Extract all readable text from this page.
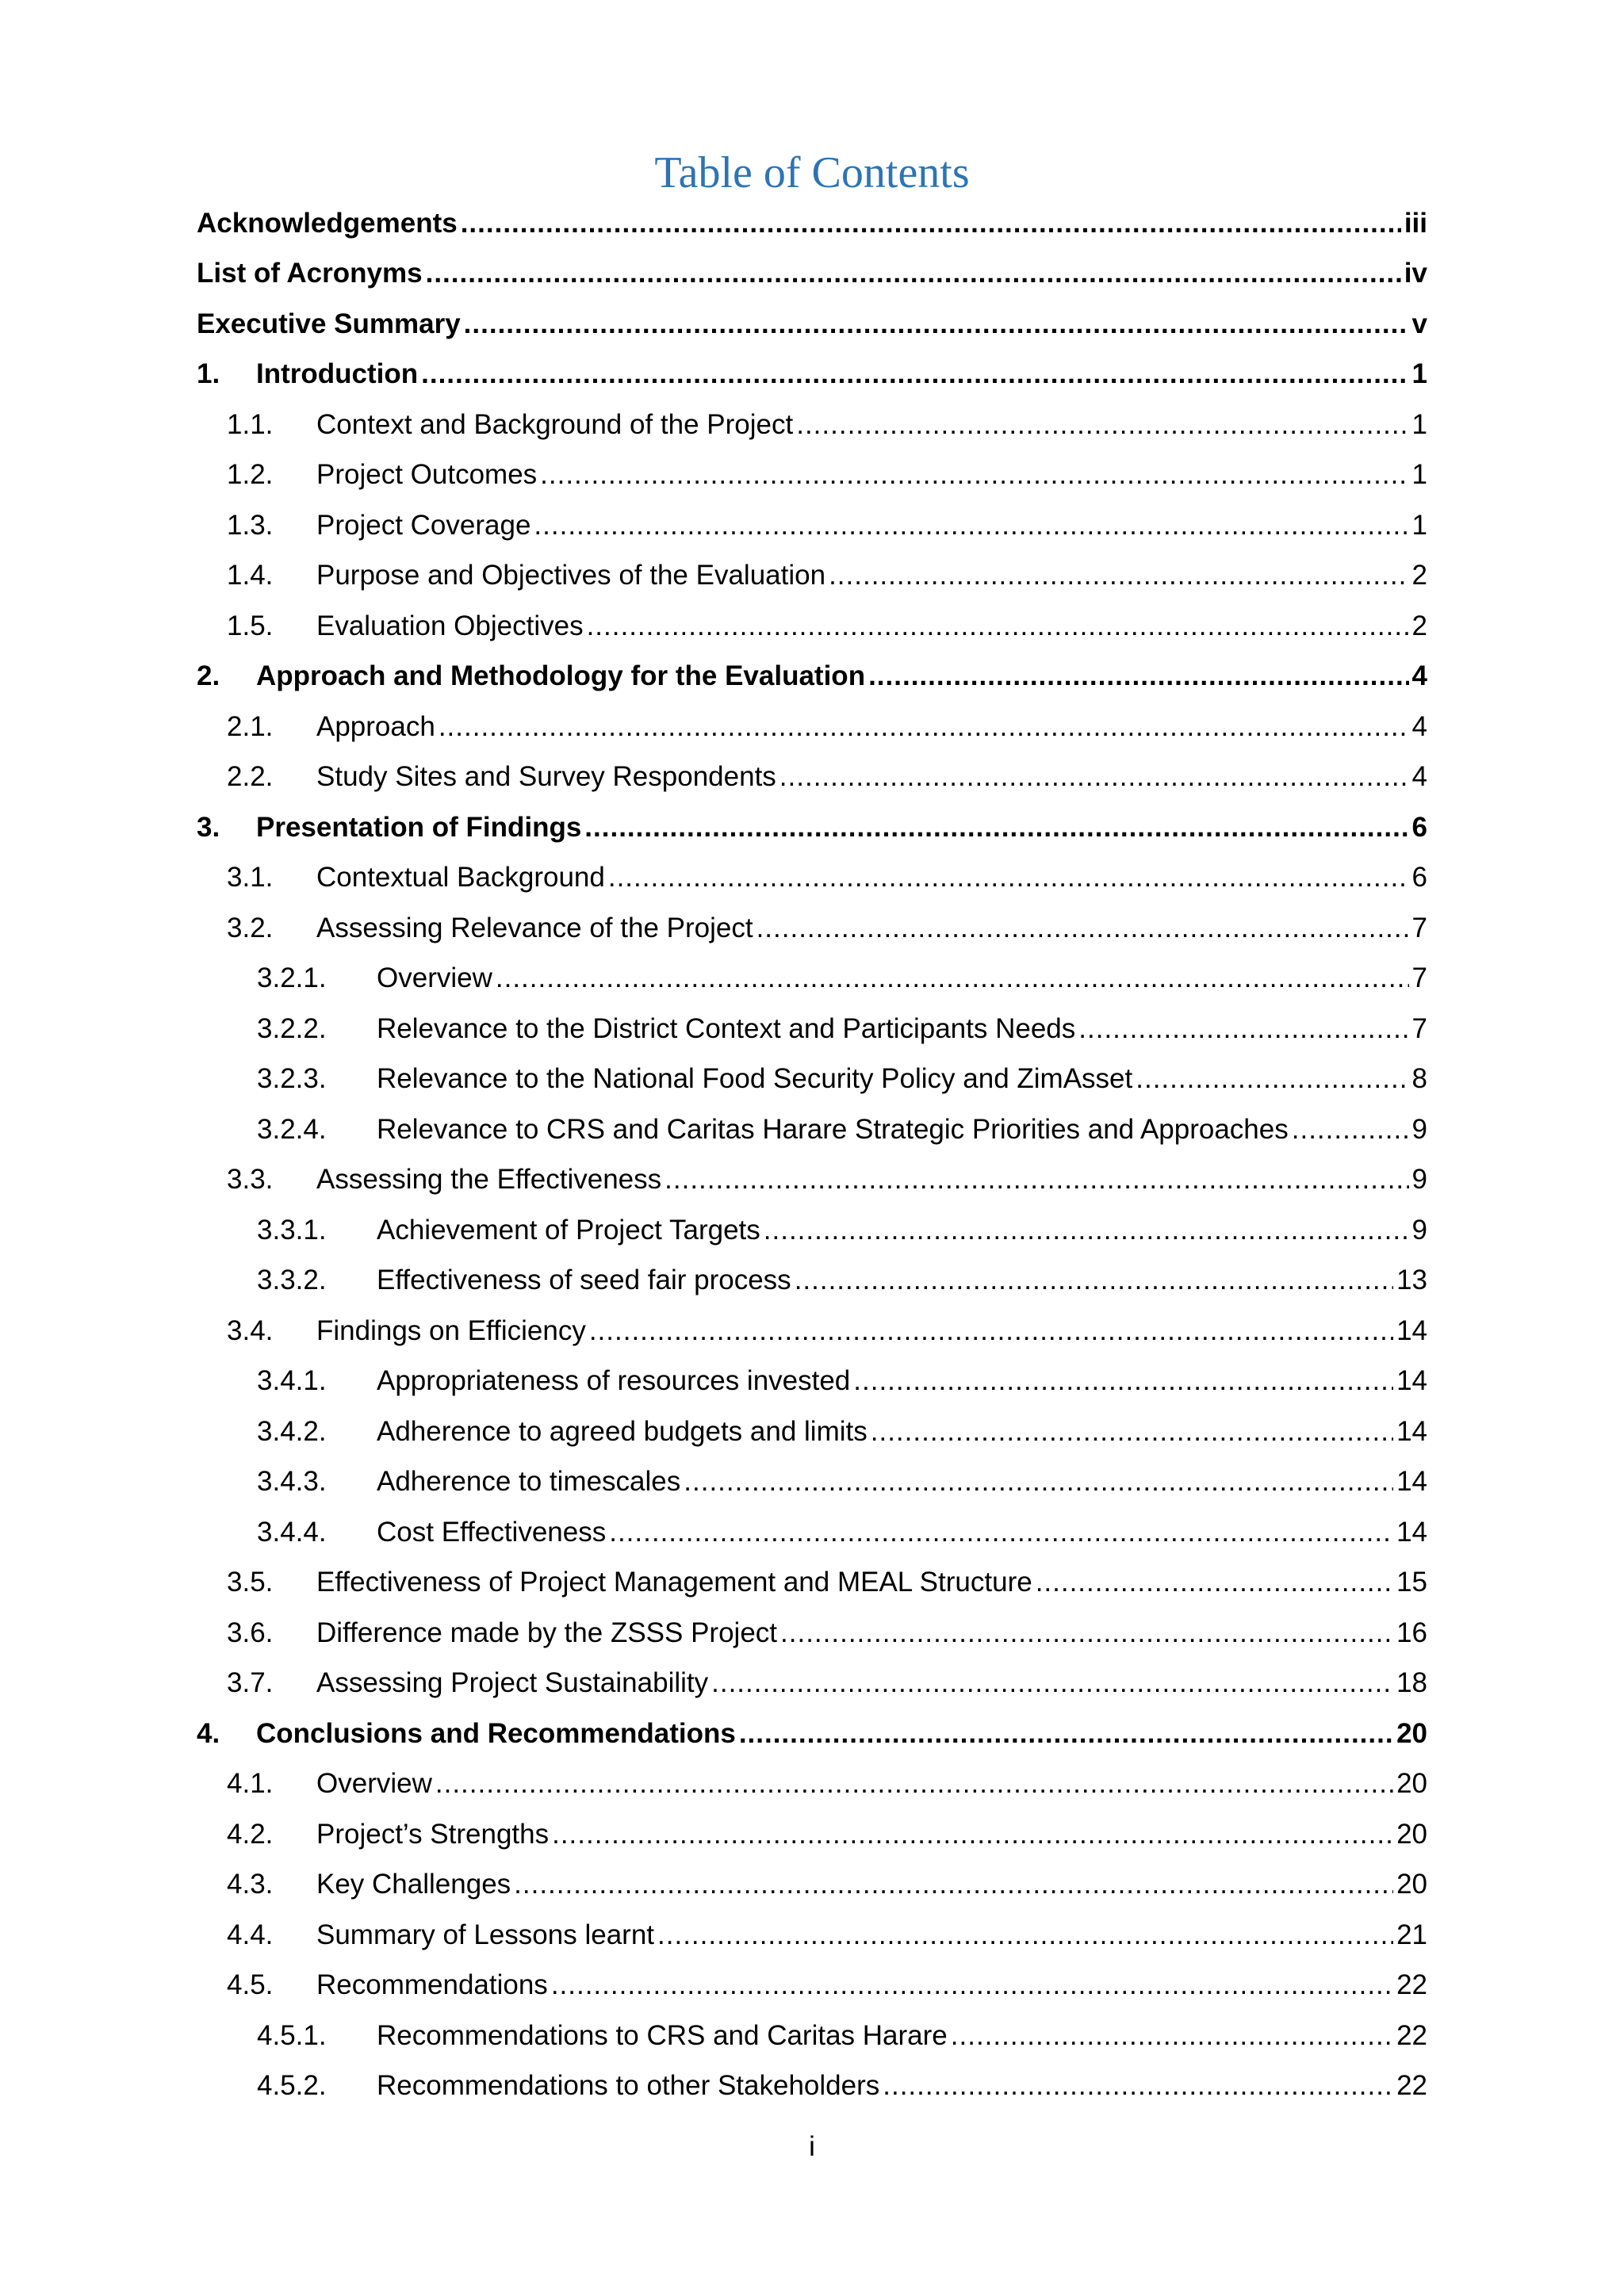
Table of Contents
Acknowledgements .....	iii
List of Acronyms .....	iv
Executive Summary .....	v
1.	Introduction .....	1
1.1.	Context and Background of the Project .....	1
1.2.	Project Outcomes .....	1
1.3.	Project Coverage .....	1
1.4.	Purpose and Objectives of the Evaluation .....	2
1.5.	Evaluation Objectives .....	2
2.	Approach and Methodology for the Evaluation .....	4
2.1.	Approach .....	4
2.2.	Study Sites and Survey Respondents .....	4
3.	Presentation of Findings .....	6
3.1.	Contextual Background .....	6
3.2.	Assessing Relevance of the Project .....	7
3.2.1.	Overview .....	7
3.2.2.	Relevance to the District Context and Participants Needs .....	7
3.2.3.	Relevance to the National Food Security Policy and ZimAsset .....	8
3.2.4.	Relevance to CRS and Caritas Harare Strategic Priorities and Approaches .....	9
3.3.	Assessing the Effectiveness .....	9
3.3.1.	Achievement of Project Targets .....	9
3.3.2.	Effectiveness of seed fair process .....	13
3.4.	Findings on Efficiency .....	14
3.4.1.	Appropriateness of resources invested .....	14
3.4.2.	Adherence to agreed budgets and limits .....	14
3.4.3.	Adherence to timescales .....	14
3.4.4.	Cost Effectiveness .....	14
3.5.	Effectiveness of Project Management and MEAL Structure .....	15
3.6.	Difference made by the ZSSS Project .....	16
3.7.	Assessing Project Sustainability .....	18
4.	Conclusions and Recommendations .....	20
4.1.	Overview .....	20
4.2.	Project’s Strengths .....	20
4.3.	Key Challenges .....	20
4.4.	Summary of Lessons learnt .....	21
4.5.	Recommendations .....	22
4.5.1.	Recommendations to CRS and Caritas Harare .....	22
4.5.2.	Recommendations to other Stakeholders .....	22
i
